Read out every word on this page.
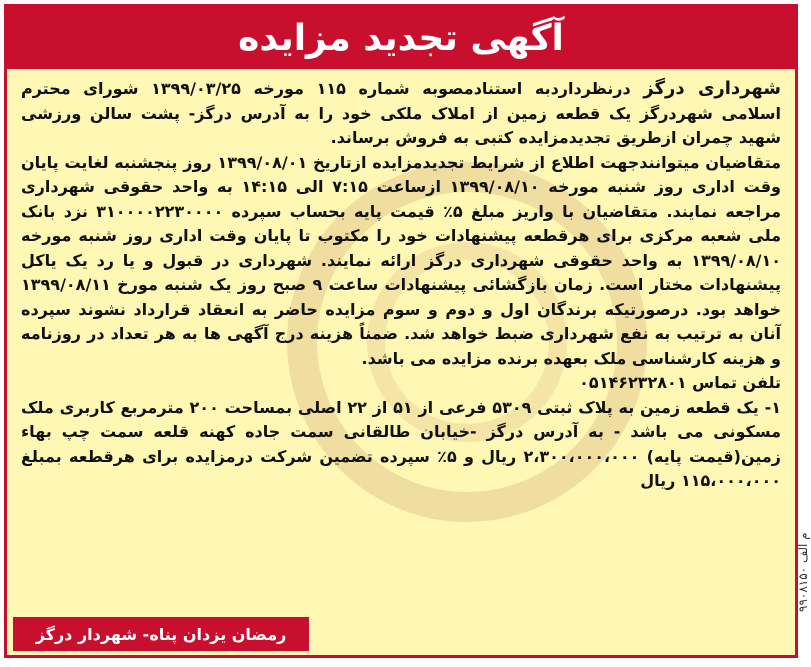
آگهی تجدید مزایده

شهرداری درگز درنظرداردبه استنادمصوبه شماره ۱۱۵ مورخه ۱۳۹۹/۰۳/۲۵ شورای محترم اسلامی شهردرگز یک قطعه زمین از املاک ملکی خود را به آدرس درگز- پشت سالن ورزشی شهید چمران ازطریق تجدیدمزایده کتبی به فروش برساند.

متقاضیان میتوانندجهت اطلاع از شرایط تجدیدمزایده ازتاریخ ۱۳۹۹/۰۸/۰۱ روز پنجشنبه لغایت پایان وقت اداری روز شنبه مورخه ۱۳۹۹/۰۸/۱۰ ازساعت ۷:۱۵ الی ۱۴:۱۵ به واحد حقوقی شهرداری مراجعه نمایند. متقاضیان با واریز مبلغ ۵٪ قیمت پایه بحساب سپرده ۳۱۰۰۰۰۲۲۳۰۰۰۰ نزد بانک ملی شعبه مرکزی برای هرقطعه پیشنهادات خود را مکتوب تا پایان وقت اداری روز شنبه مورخه ۱۳۹۹/۰۸/۱۰ به واحد حقوقی شهرداری درگز ارائه نمایند. شهرداری در قبول و یا رد یک یاکل پیشنهادات مختار است. زمان بازگشائی پیشنهادات ساعت ۹ صبح روز یک شنبه مورخ ۱۳۹۹/۰۸/۱۱ خواهد بود. درصورتیکه برندگان اول و دوم و سوم مزایده حاضر به انعقاد قرارداد نشوند سپرده آنان به ترتیب به نفع شهرداری ضبط خواهد شد. ضمناً هزینه درج آگهی ها به هر تعداد در روزنامه و هزینه کارشناسی ملک بعهده برنده مزایده می باشد.

تلفن تماس ۰۵۱۴۶۲۳۲۸۰۱

۱- یک قطعه زمین به پلاک ثبتی ۵۳۰۹ فرعی از ۵۱ از ۲۲ اصلی بمساحت ۲۰۰ مترمربع کاربری ملک مسکونی می باشد - به آدرس درگز -خیابان طالقانی سمت جاده کهنه قلعه سمت چپ بهاء زمین(قیمت پایه) ۲،۳۰۰،۰۰۰،۰۰۰ ریال و ۵٪ سپرده تضمین شرکت درمزایده برای هرقطعه بمبلغ ۱۱۵،۰۰۰،۰۰۰ ریال

رمضان یزدان پناه- شهردار درگز
م الف ۹۹۰۸۱۵۰
